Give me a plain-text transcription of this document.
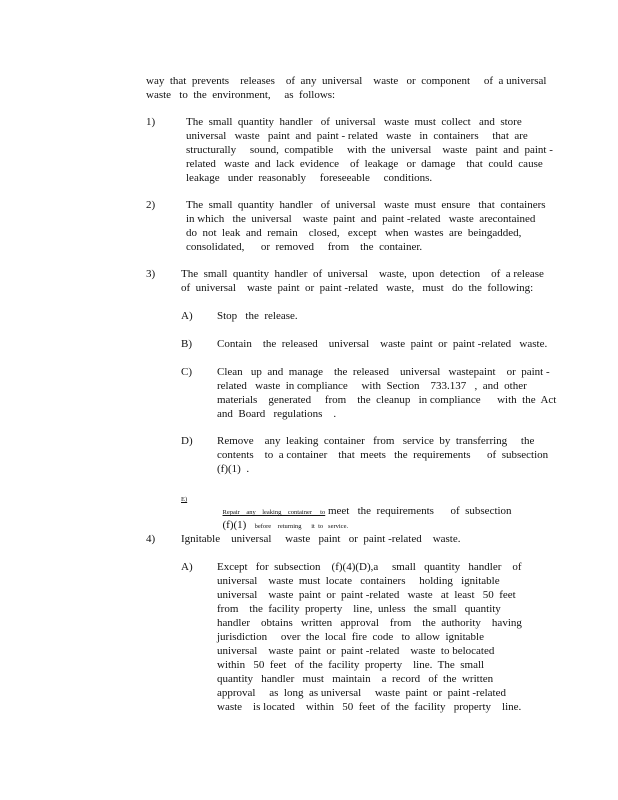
way  that  prevents    releases    of  any  universal    waste   or  component     of  a universal
waste   to  the  environment,     as  follows:
1)	The  small  quantity  handler   of  universal   waste  must  collect   and  store
universal   waste   paint  and  paint - related   waste   in  containers     that  are
structurally     sound,  compatible     with  the  universal    waste   paint  and  paint -
related   waste  and  lack  evidence    of  leakage   or  damage    that  could  cause
leakage   under  reasonably     foreseeable     conditions.
2)	The  small  quantity  handler   of  universal   waste  must  ensure   that  containers
in which   the  universal    waste  paint  and  paint -related   waste  arecontained
do  not  leak  and  remain    closed,   except   when  wastes  are  beingadded,
consolidated,      or  removed     from    the  container.
3) The  small  quantity  handler  of  universal    waste,  upon  detection    of  a release
of  universal    waste  paint  or  paint -related   waste,   must   do  the  following:
A) Stop   the  release.
B) Contain    the  released    universal    waste  paint  or  paint -related   waste.
C) Clean   up  and  manage    the  released    universal   wastepaint    or  paint -
related   waste  in compliance     with  Section    733.137   ,  and  other
materials    generated     from    the  cleanup   in compliance      with  the  Act
and  Board   regulations    .
D) Remove    any  leaking  container   from   service  by  transferring     the
contents    to  a container    that  meets   the  requirements      of  subsection
(f)(1)  .
E)

Repair    any    leaking    container     to meet   the  requirements      of  subsection

(f)(1)   before    returning      it  to   service.

4) Ignitable    universal     waste   paint   or  paint -related    waste.
A) Except   for  subsection    (f)(4)(D),a     small   quantity   handler    of
universal    waste  must  locate   containers     holding   ignitable
universal    waste  paint  or  paint -related   waste   at  least   50  feet
from    the  facility  property    line,  unless   the  small   quantity
handler    obtains   written   approval    from    the  authority    having
jurisdiction     over  the  local  fire  code   to  allow  ignitable
universal    waste  paint  or  paint -related    waste  to belocated
within   50  feet   of  the  facility  property    line.  The  small
quantity   handler   must   maintain    a  record   of  the  written
approval     as  long  as universal     waste  paint  or  paint -related
waste    is located    within   50  feet  of  the  facility   property    line.
